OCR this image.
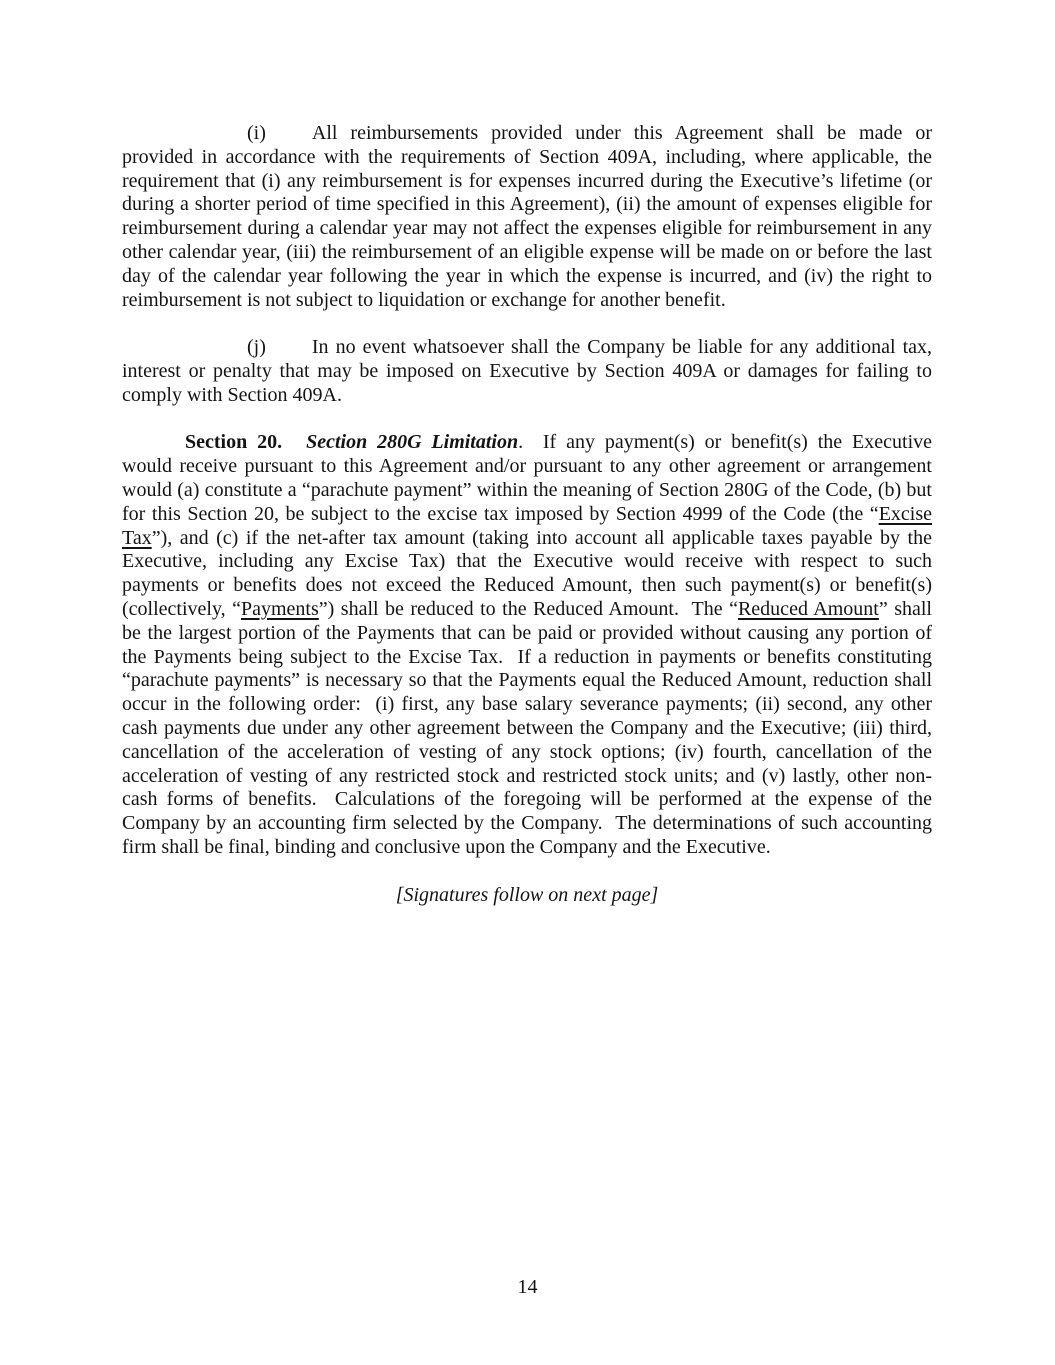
(i) All reimbursements provided under this Agreement shall be made or provided in accordance with the requirements of Section 409A, including, where applicable, the requirement that (i) any reimbursement is for expenses incurred during the Executive’s lifetime (or during a shorter period of time specified in this Agreement), (ii) the amount of expenses eligible for reimbursement during a calendar year may not affect the expenses eligible for reimbursement in any other calendar year, (iii) the reimbursement of an eligible expense will be made on or before the last day of the calendar year following the year in which the expense is incurred, and (iv) the right to reimbursement is not subject to liquidation or exchange for another benefit.

(j) In no event whatsoever shall the Company be liable for any additional tax, interest or penalty that may be imposed on Executive by Section 409A or damages for failing to comply with Section 409A.

Section 20. Section 280G Limitation.  If any payment(s) or benefit(s) the Executive would receive pursuant to this Agreement and/or pursuant to any other agreement or arrangement would (a) constitute a “parachute payment” within the meaning of Section 280G of the Code, (b) but for this Section 20, be subject to the excise tax imposed by Section 4999 of the Code (the “Excise Tax”), and (c) if the net-after tax amount (taking into account all applicable taxes payable by the Executive, including any Excise Tax) that the Executive would receive with respect to such payments or benefits does not exceed the Reduced Amount, then such payment(s) or benefit(s) (collectively, “Payments”) shall be reduced to the Reduced Amount.  The “Reduced Amount” shall be the largest portion of the Payments that can be paid or provided without causing any portion of the Payments being subject to the Excise Tax.  If a reduction in payments or benefits constituting “parachute payments” is necessary so that the Payments equal the Reduced Amount, reduction shall occur in the following order:  (i) first, any base salary severance payments; (ii) second, any other cash payments due under any other agreement between the Company and the Executive; (iii) third, cancellation of the acceleration of vesting of any stock options; (iv) fourth, cancellation of the acceleration of vesting of any restricted stock and restricted stock units; and (v) lastly, other non-cash forms of benefits.  Calculations of the foregoing will be performed at the expense of the Company by an accounting firm selected by the Company.  The determinations of such accounting firm shall be final, binding and conclusive upon the Company and the Executive.

[Signatures follow on next page]

14
